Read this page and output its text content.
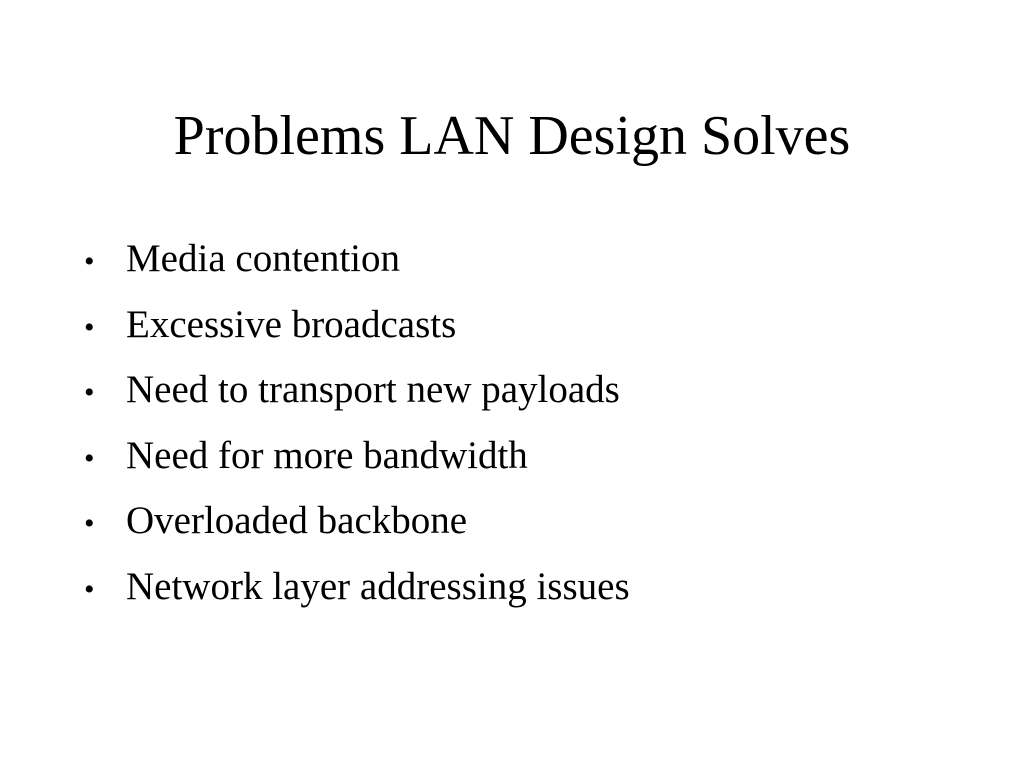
Problems LAN Design Solves
• Media contention
• Excessive broadcasts
• Need to transport new payloads
• Need for more bandwidth
• Overloaded backbone
• Network layer addressing issues
